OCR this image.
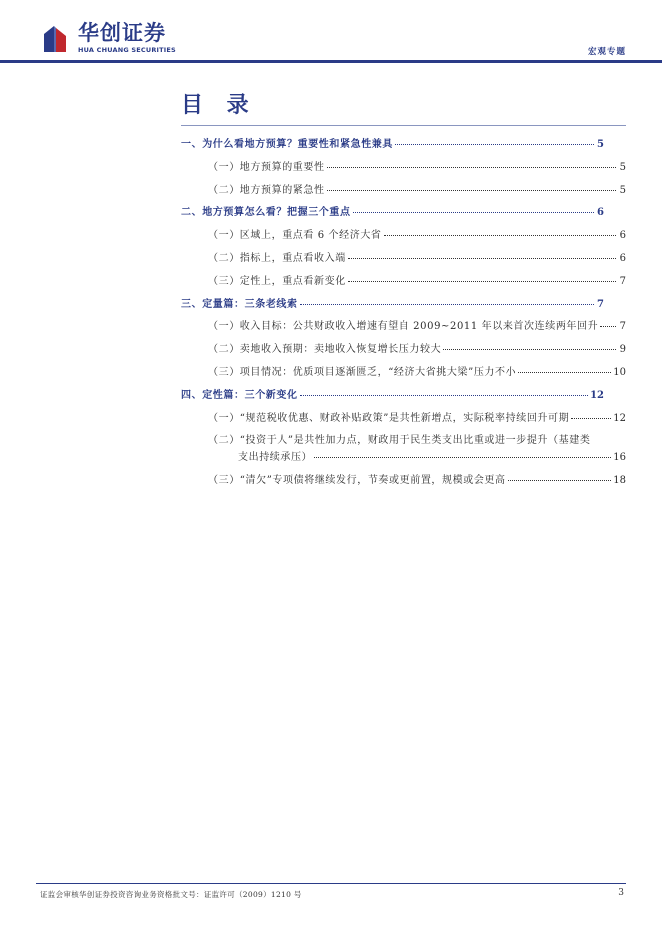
华创证券
HUA CHUANG SECURITIES	宏观专题
目 录
一、为什么看地方预算？重要性和紧急性兼具	5
（一）地方预算的重要性	5
（二）地方预算的紧急性	5
二、地方预算怎么看？把握三个重点	6
（一）区域上，重点看 6 个经济大省	6
（二）指标上，重点看收入端	6
（三）定性上，重点看新变化	7
三、定量篇：三条老线索	7
（一）收入目标：公共财政收入增速有望自 2009~2011 年以来首次连续两年回升 7
（二）卖地收入预期：卖地收入恢复增长压力较大	9
（三）项目情况：优质项目逐渐匮乏，“经济大省挑大梁”压力不小	10
四、定性篇：三个新变化	12
（一）“规范税收优惠、财政补贴政策”是共性新增点，实际税率持续回升可期	12
（二）“投资于人”是共性加力点，财政用于民生类支出比重或进一步提升（基建类
支出持续承压）	16
（三）“清欠”专项债将继续发行，节奏或更前置，规模或会更高	18
证监会审核华创证券投资咨询业务资格批文号：证监许可（2009）1210 号	3
